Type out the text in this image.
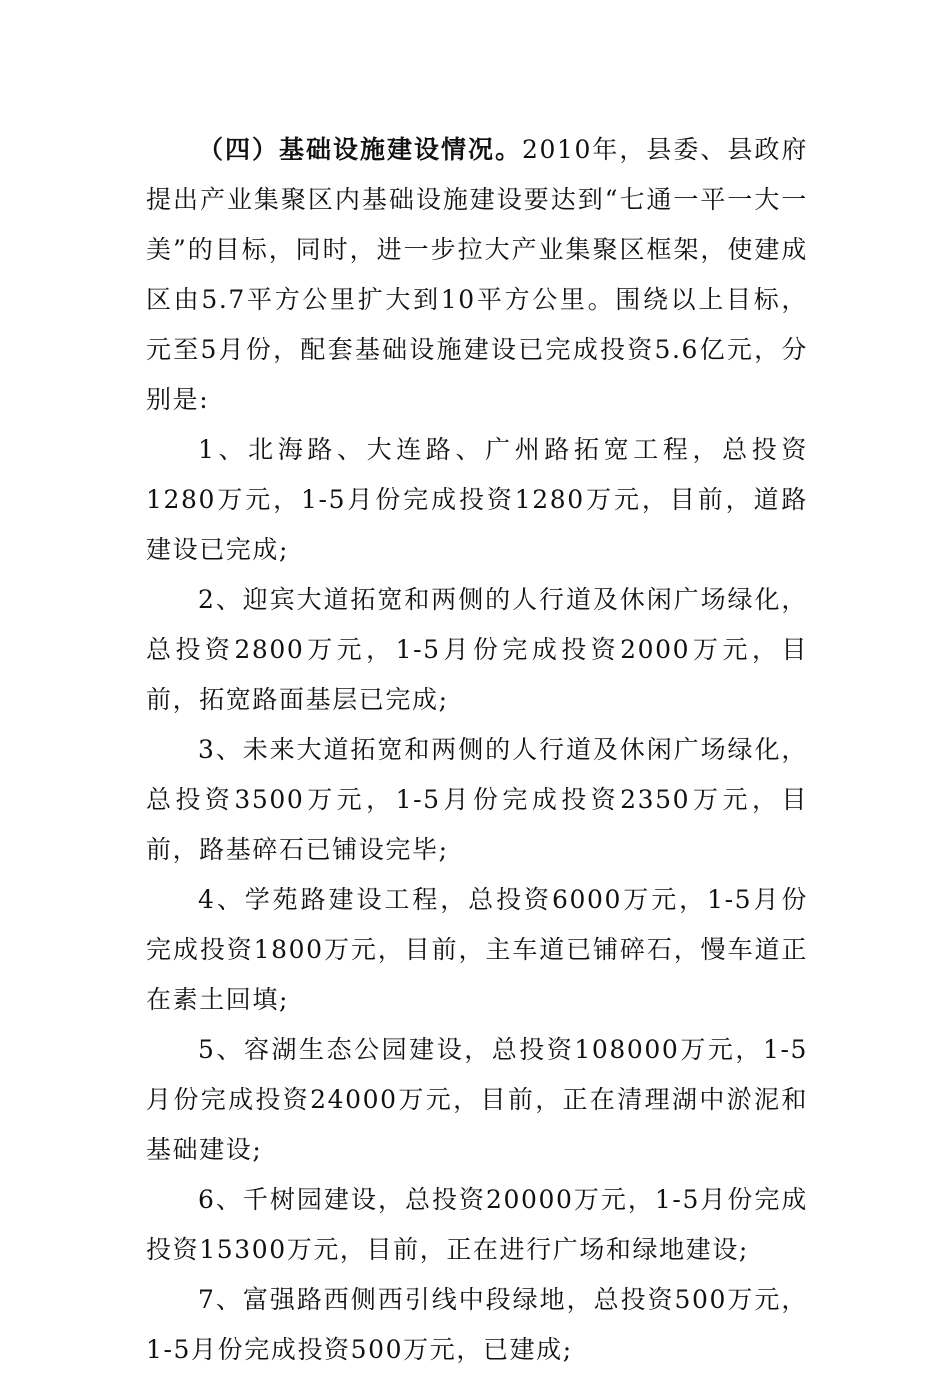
（四）基础设施建设情况。2010年，县委、县政府提出产业集聚区内基础设施建设要达到“七通一平一大一美”的目标，同时，进一步拉大产业集聚区框架，使建成区由5.7平方公里扩大到10平方公里。围绕以上目标，元至5月份，配套基础设施建设已完成投资5.6亿元，分别是:

1、北海路、大连路、广州路拓宽工程，总投资1280万元，1-5月份完成投资1280万元，目前，道路建设已完成;

2、迎宾大道拓宽和两侧的人行道及休闲广场绿化，总投资2800万元，1-5月份完成投资2000万元，目前，拓宽路面基层已完成;

3、未来大道拓宽和两侧的人行道及休闲广场绿化，总投资3500万元，1-5月份完成投资2350万元，目前，路基碎石已铺设完毕;

4、学苑路建设工程，总投资6000万元，1-5月份完成投资1800万元，目前，主车道已铺碎石，慢车道正在素土回填;

5、容湖生态公园建设，总投资108000万元，1-5月份完成投资24000万元，目前，正在清理湖中淤泥和基础建设;

6、千树园建设，总投资20000万元，1-5月份完成投资15300万元，目前，正在进行广场和绿地建设;

7、富强路西侧西引线中段绿地，总投资500万元，1-5月份完成投资500万元，已建成;
